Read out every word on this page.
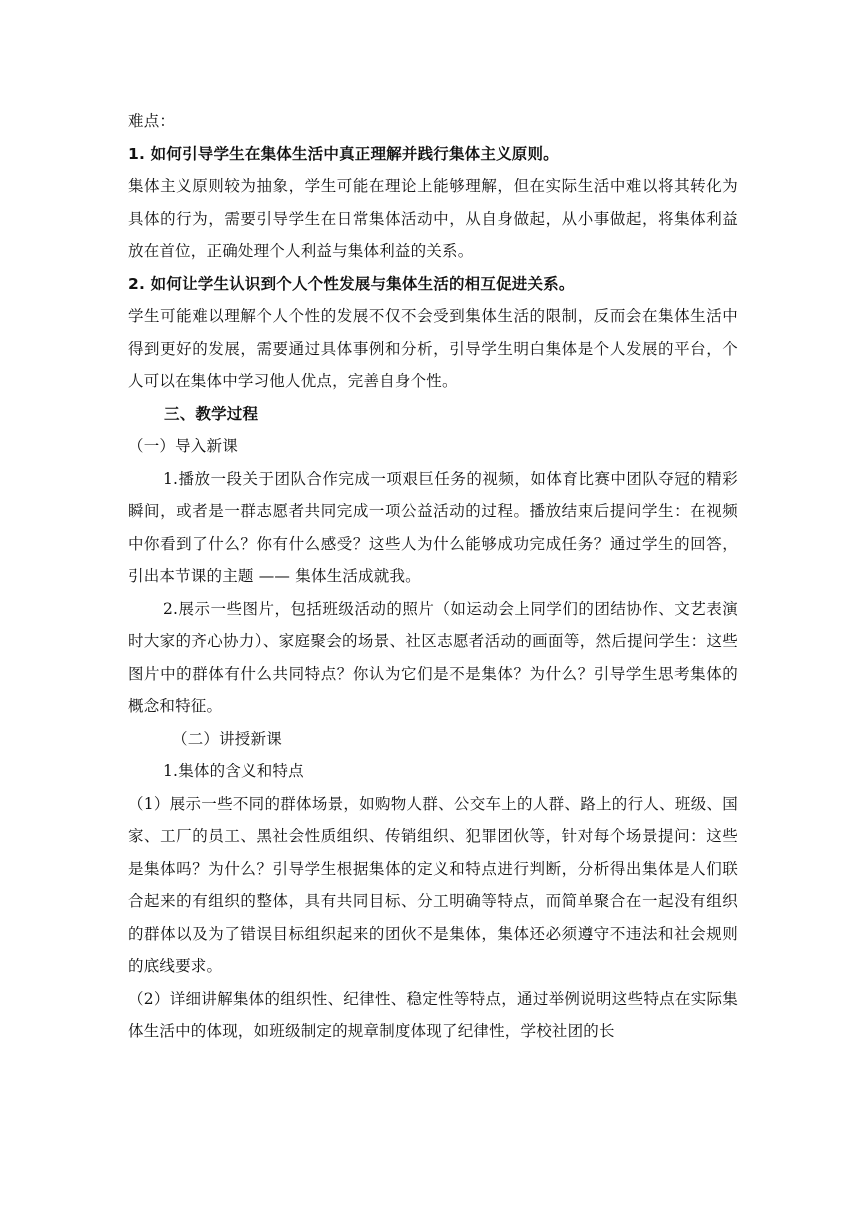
难点：

1. 如何引导学生在集体生活中真正理解并践行集体主义原则。

集体主义原则较为抽象，学生可能在理论上能够理解，但在实际生活中难以将其转化为具体的行为，需要引导学生在日常集体活动中，从自身做起，从小事做起，将集体利益放在首位，正确处理个人利益与集体利益的关系。

2. 如何让学生认识到个人个性发展与集体生活的相互促进关系。

学生可能难以理解个人个性的发展不仅不会受到集体生活的限制，反而会在集体生活中得到更好的发展，需要通过具体事例和分析，引导学生明白集体是个人发展的平台，个人可以在集体中学习他人优点，完善自身个性。

三、教学过程

（一）导入新课

1.播放一段关于团队合作完成一项艰巨任务的视频，如体育比赛中团队夺冠的精彩瞬间，或者是一群志愿者共同完成一项公益活动的过程。播放结束后提问学生：在视频中你看到了什么？你有什么感受？这些人为什么能够成功完成任务？通过学生的回答，引出本节课的主题 —— 集体生活成就我。

2.展示一些图片，包括班级活动的照片（如运动会上同学们的团结协作、文艺表演时大家的齐心协力）、家庭聚会的场景、社区志愿者活动的画面等，然后提问学生：这些图片中的群体有什么共同特点？你认为它们是不是集体？为什么？引导学生思考集体的概念和特征。

（二）讲授新课

1.集体的含义和特点

（1）展示一些不同的群体场景，如购物人群、公交车上的人群、路上的行人、班级、国家、工厂的员工、黑社会性质组织、传销组织、犯罪团伙等，针对每个场景提问：这些是集体吗？为什么？引导学生根据集体的定义和特点进行判断，分析得出集体是人们联合起来的有组织的整体，具有共同目标、分工明确等特点，而简单聚合在一起没有组织的群体以及为了错误目标组织起来的团伙不是集体，集体还必须遵守不违法和社会规则的底线要求。

（2）详细讲解集体的组织性、纪律性、稳定性等特点，通过举例说明这些特点在实际集体生活中的体现，如班级制定的规章制度体现了纪律性，学校社团的长
